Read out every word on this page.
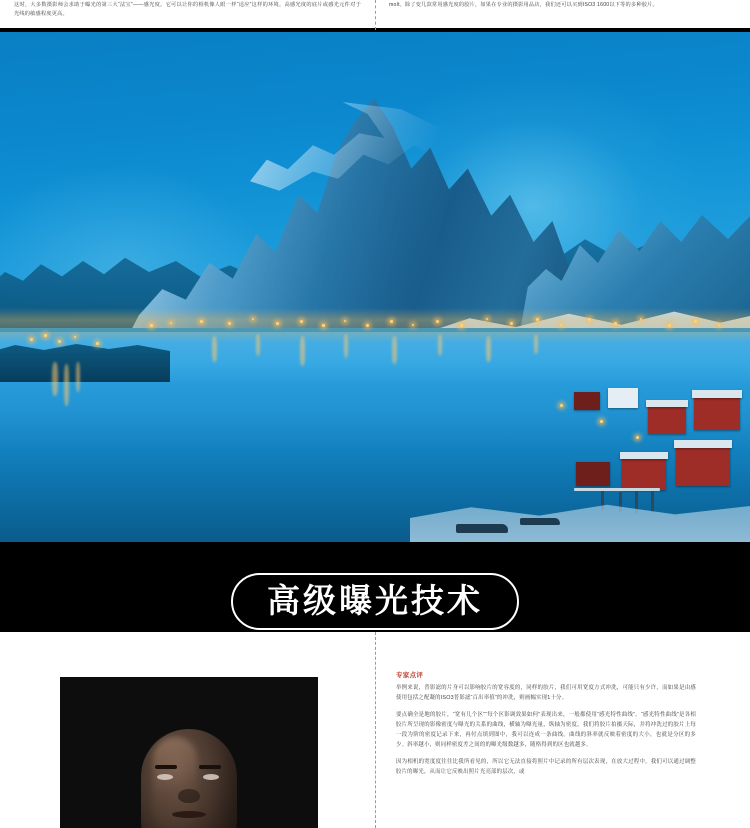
这时，大多数摄影师会求助于曝光的第三大“法宝”——感光度。它可以让你的相机像人眼一样“适应”这样的环境。高感光度的底片或感光元件对于光线的敏感程度更高。

molt。除了变几款常用感光度的胶片，如果在专业的摄影用品店，我们还可以买到ISO3 1600以下等的多种胶片。

高级曝光技术
专家点评

举例来说，普影滤的片身可以影响胶片的宽容度的，同样的胶片，我们可用宽度方式冲洗，可能只有少许，而如果是由感使用包括之配凝的ISO3普影滤“百出率值”的冲洗，则画幅实现1十分。

要点确全是地的胶片，“宽有几个区”“每个区影调效果如何”表现出来，一般都使用“感光特性曲线”。“感光特性曲线”是各相胶片所呈现的影像密度与曝光的关系的曲线，横轴为曝光量，纵轴为密度，我们将胶片拍摄天际，并将冲洗过的胶片上每一段为阶的密度记录下来，再付点填到图中，我可以连成一条曲线。曲线的斜率就反映着密度的大小，也就是分区的多少。斜率越小，则同样密度差之间的的曝光级数越多，随格得到的区也就越多。

因为相机的宽度度往往比我所看见的，所以它无法直接将照片中记录的所有层次表现，在放大过程中，我们可以通过调整胶片的曝光，从而让它反映出照片光亮部的层次，或
